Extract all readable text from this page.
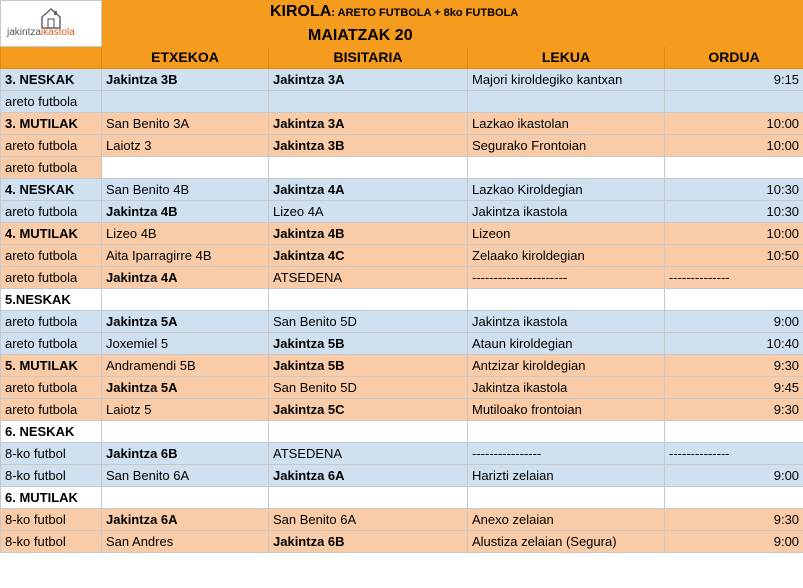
jakintzaikastola	KIROLA: ARETO FUTBOLA + 8ko FUTBOLA			
	MAIATZAK 20			
	ETXEKOA	BISITARIA	LEKUA	ORDUA
3. NESKAK	Jakintza 3B	Jakintza 3A	Majori kiroldegiko kantxan	9:15
areto futbola				
3. MUTILAK	San Benito 3A	Jakintza 3A	Lazkao ikastolan	10:00
areto futbola	Laiotz 3	Jakintza 3B	Segurako Frontoian	10:00
areto futbola				
4. NESKAK	San Benito 4B	Jakintza 4A	Lazkao Kiroldegian	10:30
areto futbola	Jakintza 4B	Lizeo 4A	Jakintza ikastola	10:30
4. MUTILAK	Lizeo 4B	Jakintza 4B	Lizeon	10:00
areto futbola	Aita Iparragirre 4B	Jakintza 4C	Zelaako kiroldegian	10:50
areto futbola	Jakintza 4A	ATSEDENA	----------------------	--------------
5.NESKAK				
areto futbola	Jakintza 5A	San Benito 5D	Jakintza ikastola	9:00
areto futbola	Joxemiel 5	Jakintza 5B	Ataun kiroldegian	10:40
5. MUTILAK	Andramendi 5B	Jakintza 5B	Antzizar kiroldegian	9:30
areto futbola	Jakintza 5A	San Benito 5D	Jakintza ikastola	9:45
areto futbola	Laiotz 5	Jakintza 5C	Mutiloako frontoian	9:30
6. NESKAK				
8-ko futbol	Jakintza 6B	ATSEDENA	----------------	--------------
8-ko futbol	San Benito 6A	Jakintza 6A	Harizti zelaian	9:00
6. MUTILAK				
8-ko futbol	Jakintza 6A	San Benito 6A	Anexo zelaian	9:30
8-ko futbol	San Andres	Jakintza 6B	Alustiza zelaian (Segura)	9:00
